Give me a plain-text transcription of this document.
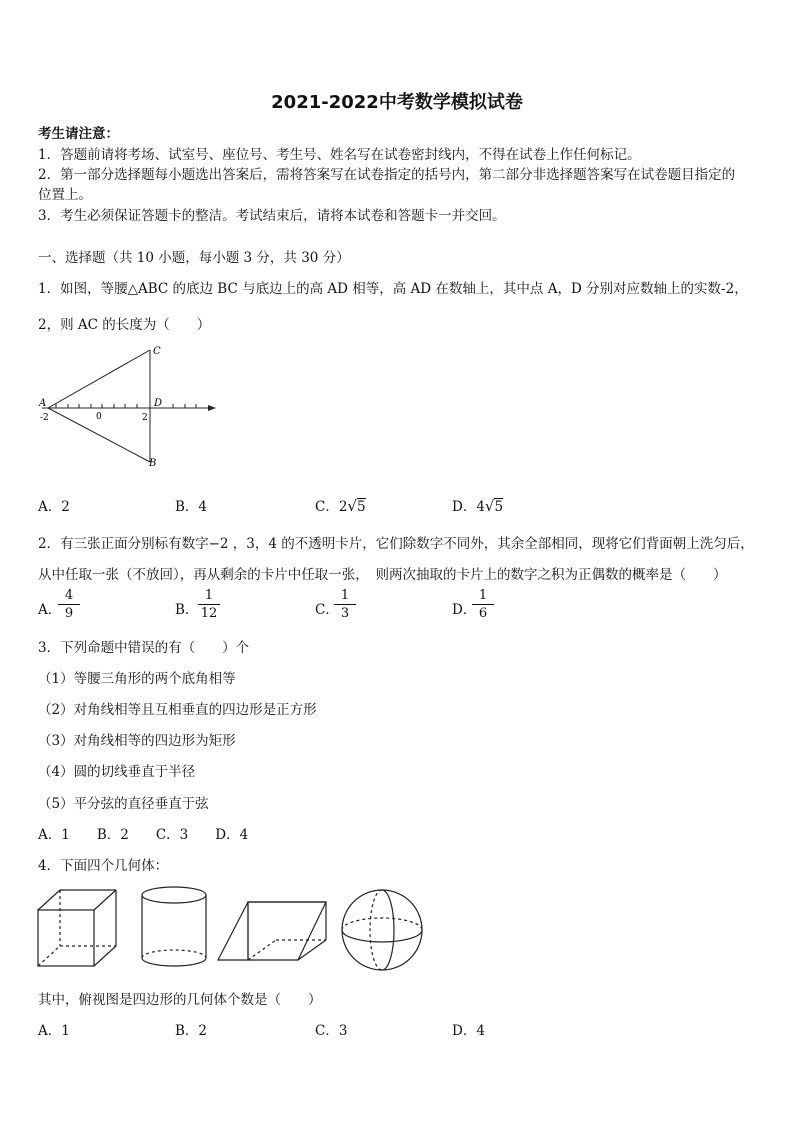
2021-2022中考数学模拟试卷
考生请注意：
1．答题前请将考场、试室号、座位号、考生号、姓名写在试卷密封线内，不得在试卷上作任何标记。
2．第一部分选择题每小题选出答案后，需将答案写在试卷指定的括号内，第二部分非选择题答案写在试卷题目指定的
位置上。
3．考生必须保证答题卡的整洁。考试结束后，请将本试卷和答题卡一并交回。
一、选择题（共 10 小题，每小题 3 分，共 30 分）
1．如图，等腰△ABC 的底边 BC 与底边上的高 AD 相等，高 AD 在数轴上，其中点 A，D 分别对应数轴上的实数-2，
2，则 AC 的长度为（　　）
A
-2	0	2
C
D
B
A．2	B．4	C．2√5	D．4√5
2．有三张正面分别标有数字−2 ，3，4 的不透明卡片，它们除数字不同外，其余全部相同，现将它们背面朝上洗匀后，
从中任取一张（不放回），再从剩余的卡片中任取一张，　则两次抽取的卡片上的数字之积为正偶数的概率是（　　）
A．
$\frac{4}{9}$	B． $\frac{1}{12}$	C．
$\frac{1}{3}$	D．
$\frac{1}{6}$
3．下列命题中错误的有（　　）个
（1）等腰三角形的两个底角相等
（2）对角线相等且互相垂直的四边形是正方形
（3）对角线相等的四边形为矩形
（4）圆的切线垂直于半径
（5）平分弦的直径垂直于弦
A．1　　B．2　　C．3　　D．4
4．下面四个几何体：
其中，俯视图是四边形的几何体个数是（　　）
A．1	B．2	C．3	D．4
